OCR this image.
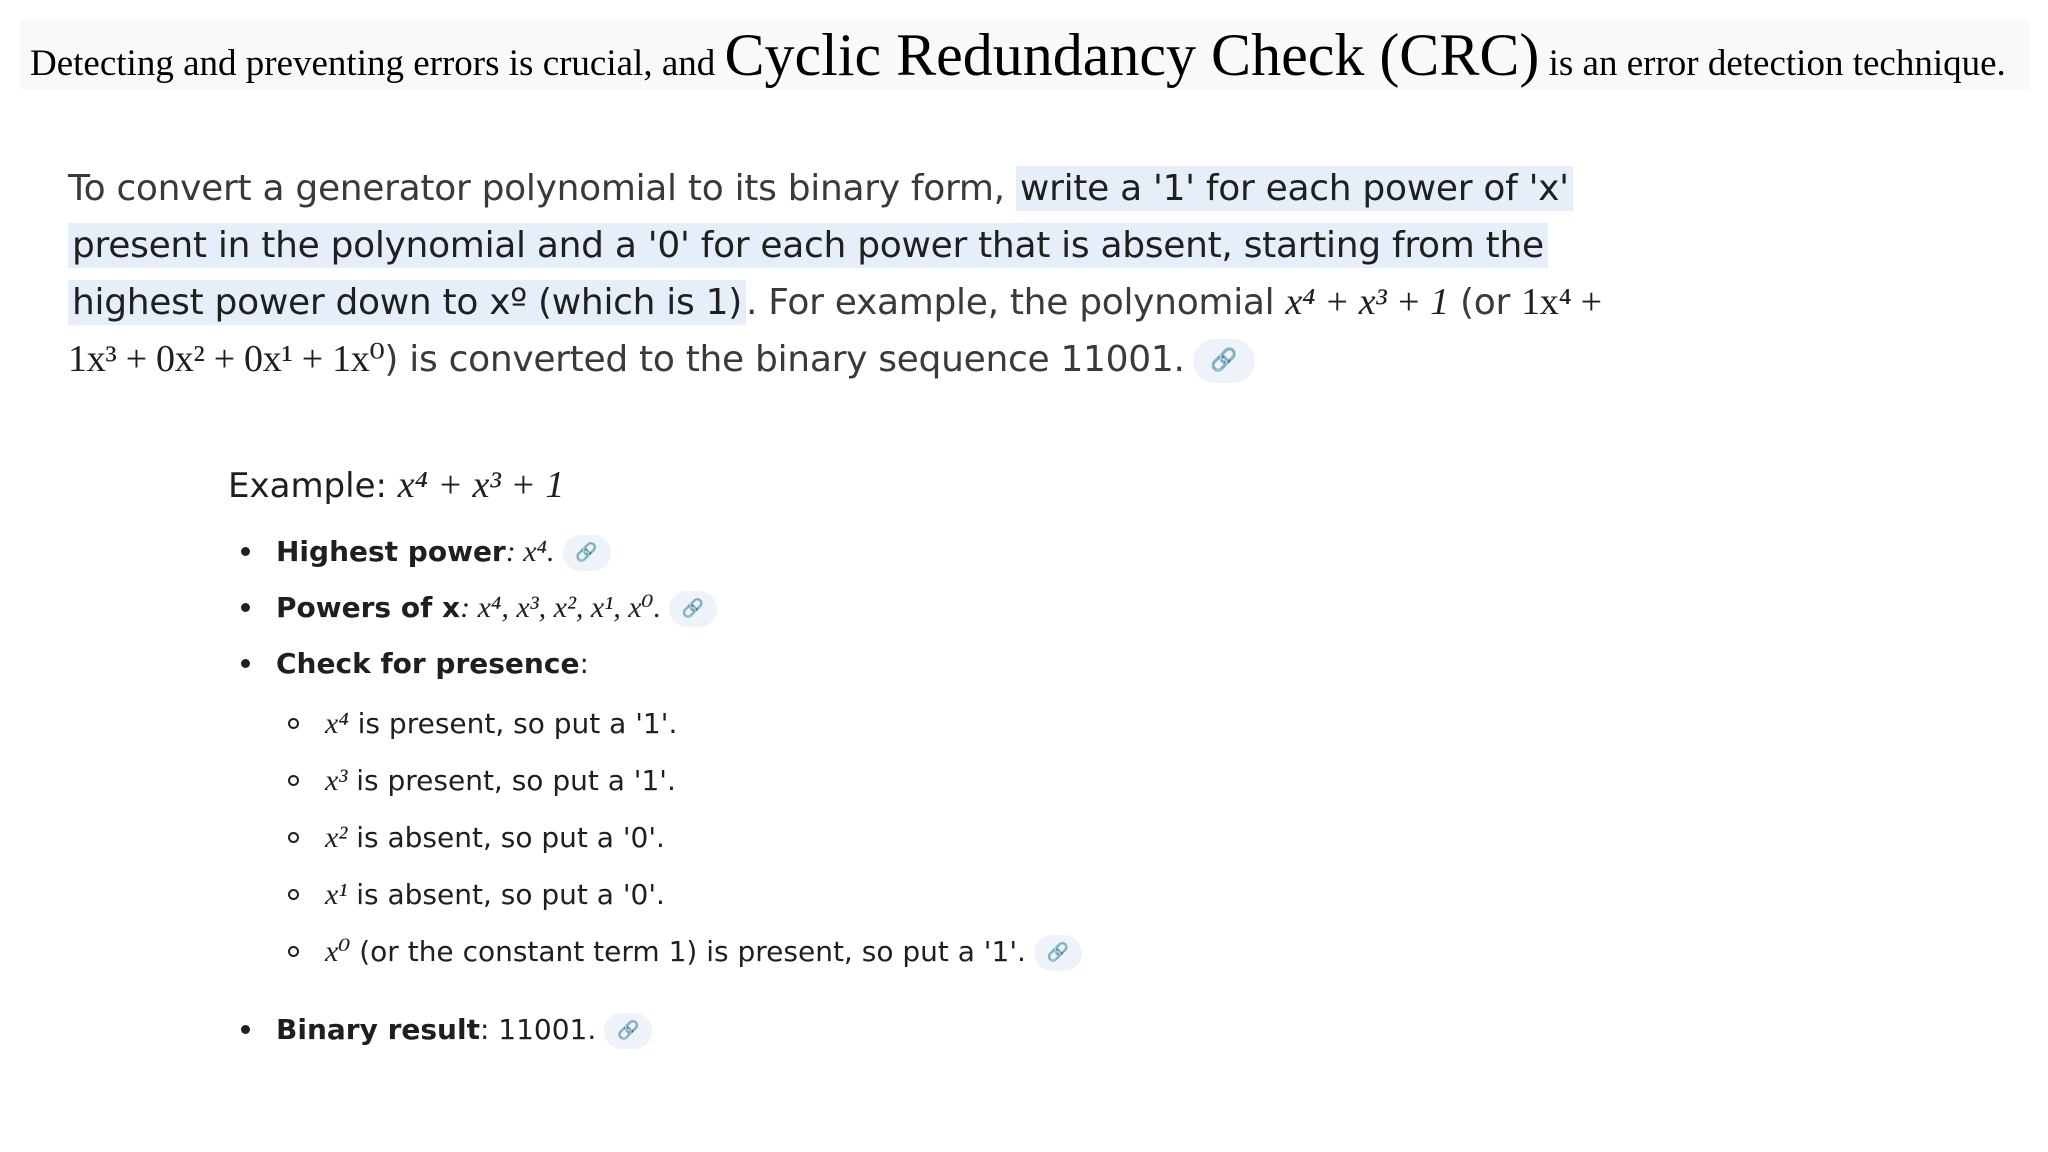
Detecting and preventing errors is crucial, and Cyclic Redundancy Check (CRC) is an error detection technique.
To convert a generator polynomial to its binary form, write a '1' for each power of 'x' present in the polynomial and a '0' for each power that is absent, starting from the highest power down to xº (which is 1) . For example, the polynomial x⁴ + x³ + 1 (or 1x⁴ + 1x³ + 0x² + 0x¹ + 1x⁰) is converted to the binary sequence 11001. 🔗
Example: x⁴ + x³ + 1
Highest power: x⁴. 🔗
Powers of x: x⁴, x³, x², x¹, x⁰. 🔗
Check for presence:
x⁴ is present, so put a '1'.
x³ is present, so put a '1'.
x² is absent, so put a '0'.
x¹ is absent, so put a '0'.
x⁰ (or the constant term 1) is present, so put a '1'. 🔗
Binary result: 11001. 🔗
